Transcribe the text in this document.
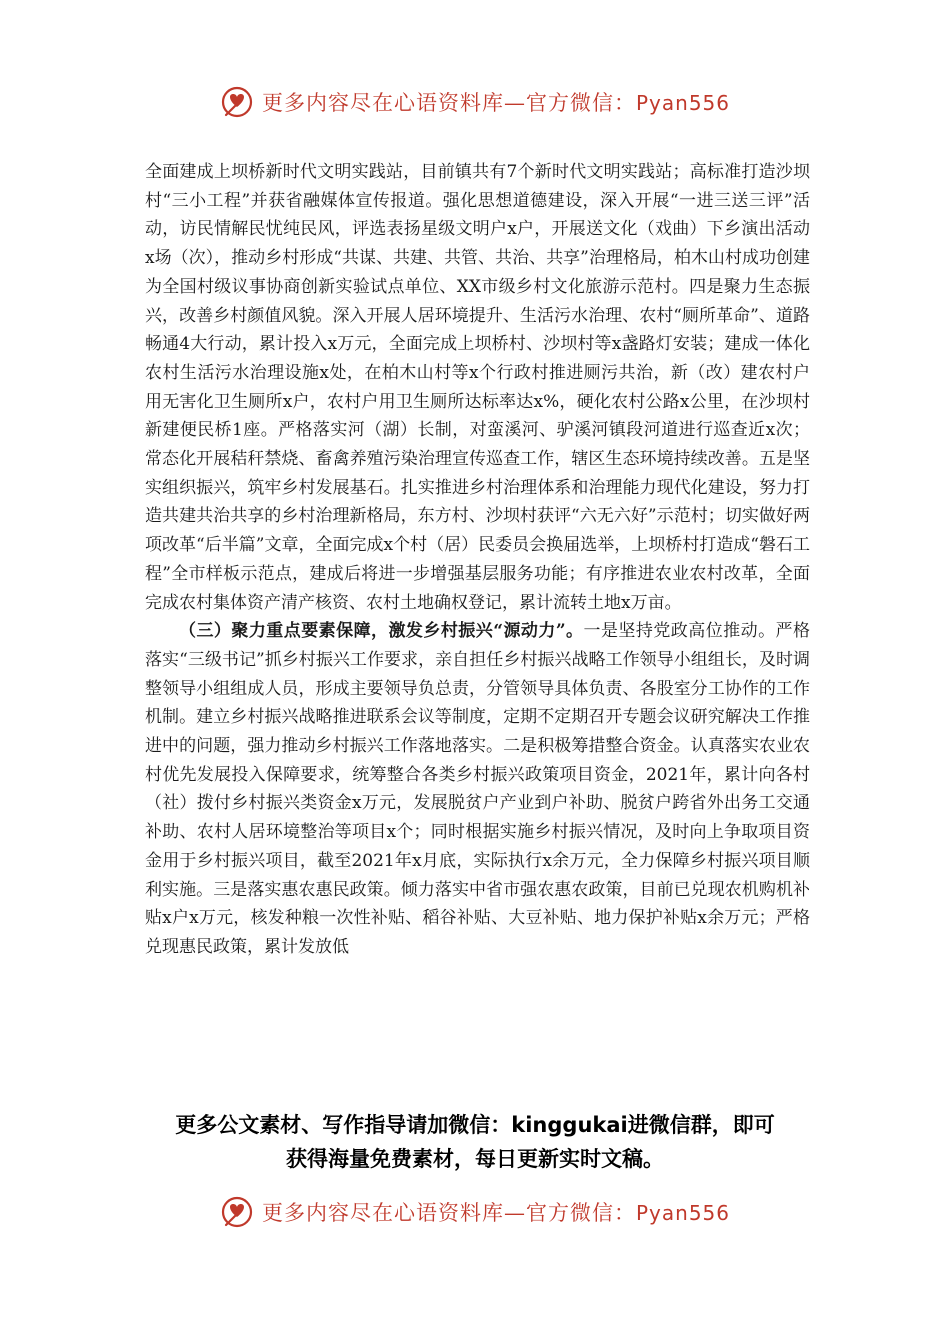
更多内容尽在心语资料库—官方微信：Pyan556

全面建成上坝桥新时代文明实践站，目前镇共有7个新时代文明实践站；高标准打造沙坝村“三小工程”并获省融媒体宣传报道。强化思想道德建设，深入开展“一进三送三评”活动，访民情解民忧纯民风，评选表扬星级文明户x户，开展送文化（戏曲）下乡演出活动x场（次），推动乡村形成“共谋、共建、共管、共治、共享”治理格局，柏木山村成功创建为全国村级议事协商创新实验试点单位、XX市级乡村文化旅游示范村。四是聚力生态振兴，改善乡村颜值风貌。深入开展人居环境提升、生活污水治理、农村“厕所革命”、道路畅通4大行动，累计投入x万元，全面完成上坝桥村、沙坝村等x盏路灯安装；建成一体化农村生活污水治理设施x处，在柏木山村等x个行政村推进厕污共治，新（改）建农村户用无害化卫生厕所x户，农村户用卫生厕所达标率达x%，硬化农村公路x公里，在沙坝村新建便民桥1座。严格落实河（湖）长制，对蛮溪河、驴溪河镇段河道进行巡查近x次；常态化开展秸秆禁烧、畜禽养殖污染治理宣传巡查工作，辖区生态环境持续改善。五是坚实组织振兴，筑牢乡村发展基石。扎实推进乡村治理体系和治理能力现代化建设，努力打造共建共治共享的乡村治理新格局，东方村、沙坝村获评“六无六好”示范村；切实做好两项改革“后半篇”文章，全面完成x个村（居）民委员会换届选举，上坝桥村打造成“磐石工程”全市样板示范点，建成后将进一步增强基层服务功能；有序推进农业农村改革，全面完成农村集体资产清产核资、农村土地确权登记，累计流转土地x万亩。

（三）聚力重点要素保障，激发乡村振兴“源动力”。一是坚持党政高位推动。严格落实“三级书记”抓乡村振兴工作要求，亲自担任乡村振兴战略工作领导小组组长，及时调整领导小组组成人员，形成主要领导负总责，分管领导具体负责、各股室分工协作的工作机制。建立乡村振兴战略推进联系会议等制度，定期不定期召开专题会议研究解决工作推进中的问题，强力推动乡村振兴工作落地落实。二是积极筹措整合资金。认真落实农业农村优先发展投入保障要求，统筹整合各类乡村振兴政策项目资金，2021年，累计向各村（社）拨付乡村振兴类资金x万元，发展脱贫户产业到户补助、脱贫户跨省外出务工交通补助、农村人居环境整治等项目x个；同时根据实施乡村振兴情况，及时向上争取项目资金用于乡村振兴项目，截至2021年x月底，实际执行x余万元，全力保障乡村振兴项目顺利实施。三是落实惠农惠民政策。倾力落实中省市强农惠农政策，目前已兑现农机购机补贴x户x万元，核发种粮一次性补贴、稻谷补贴、大豆补贴、地力保护补贴x余万元；严格兑现惠民政策，累计发放低

更多公文素材、写作指导请加微信：kinggukai进微信群，即可
获得海量免费素材，每日更新实时文稿。
更多内容尽在心语资料库—官方微信：Pyan556
